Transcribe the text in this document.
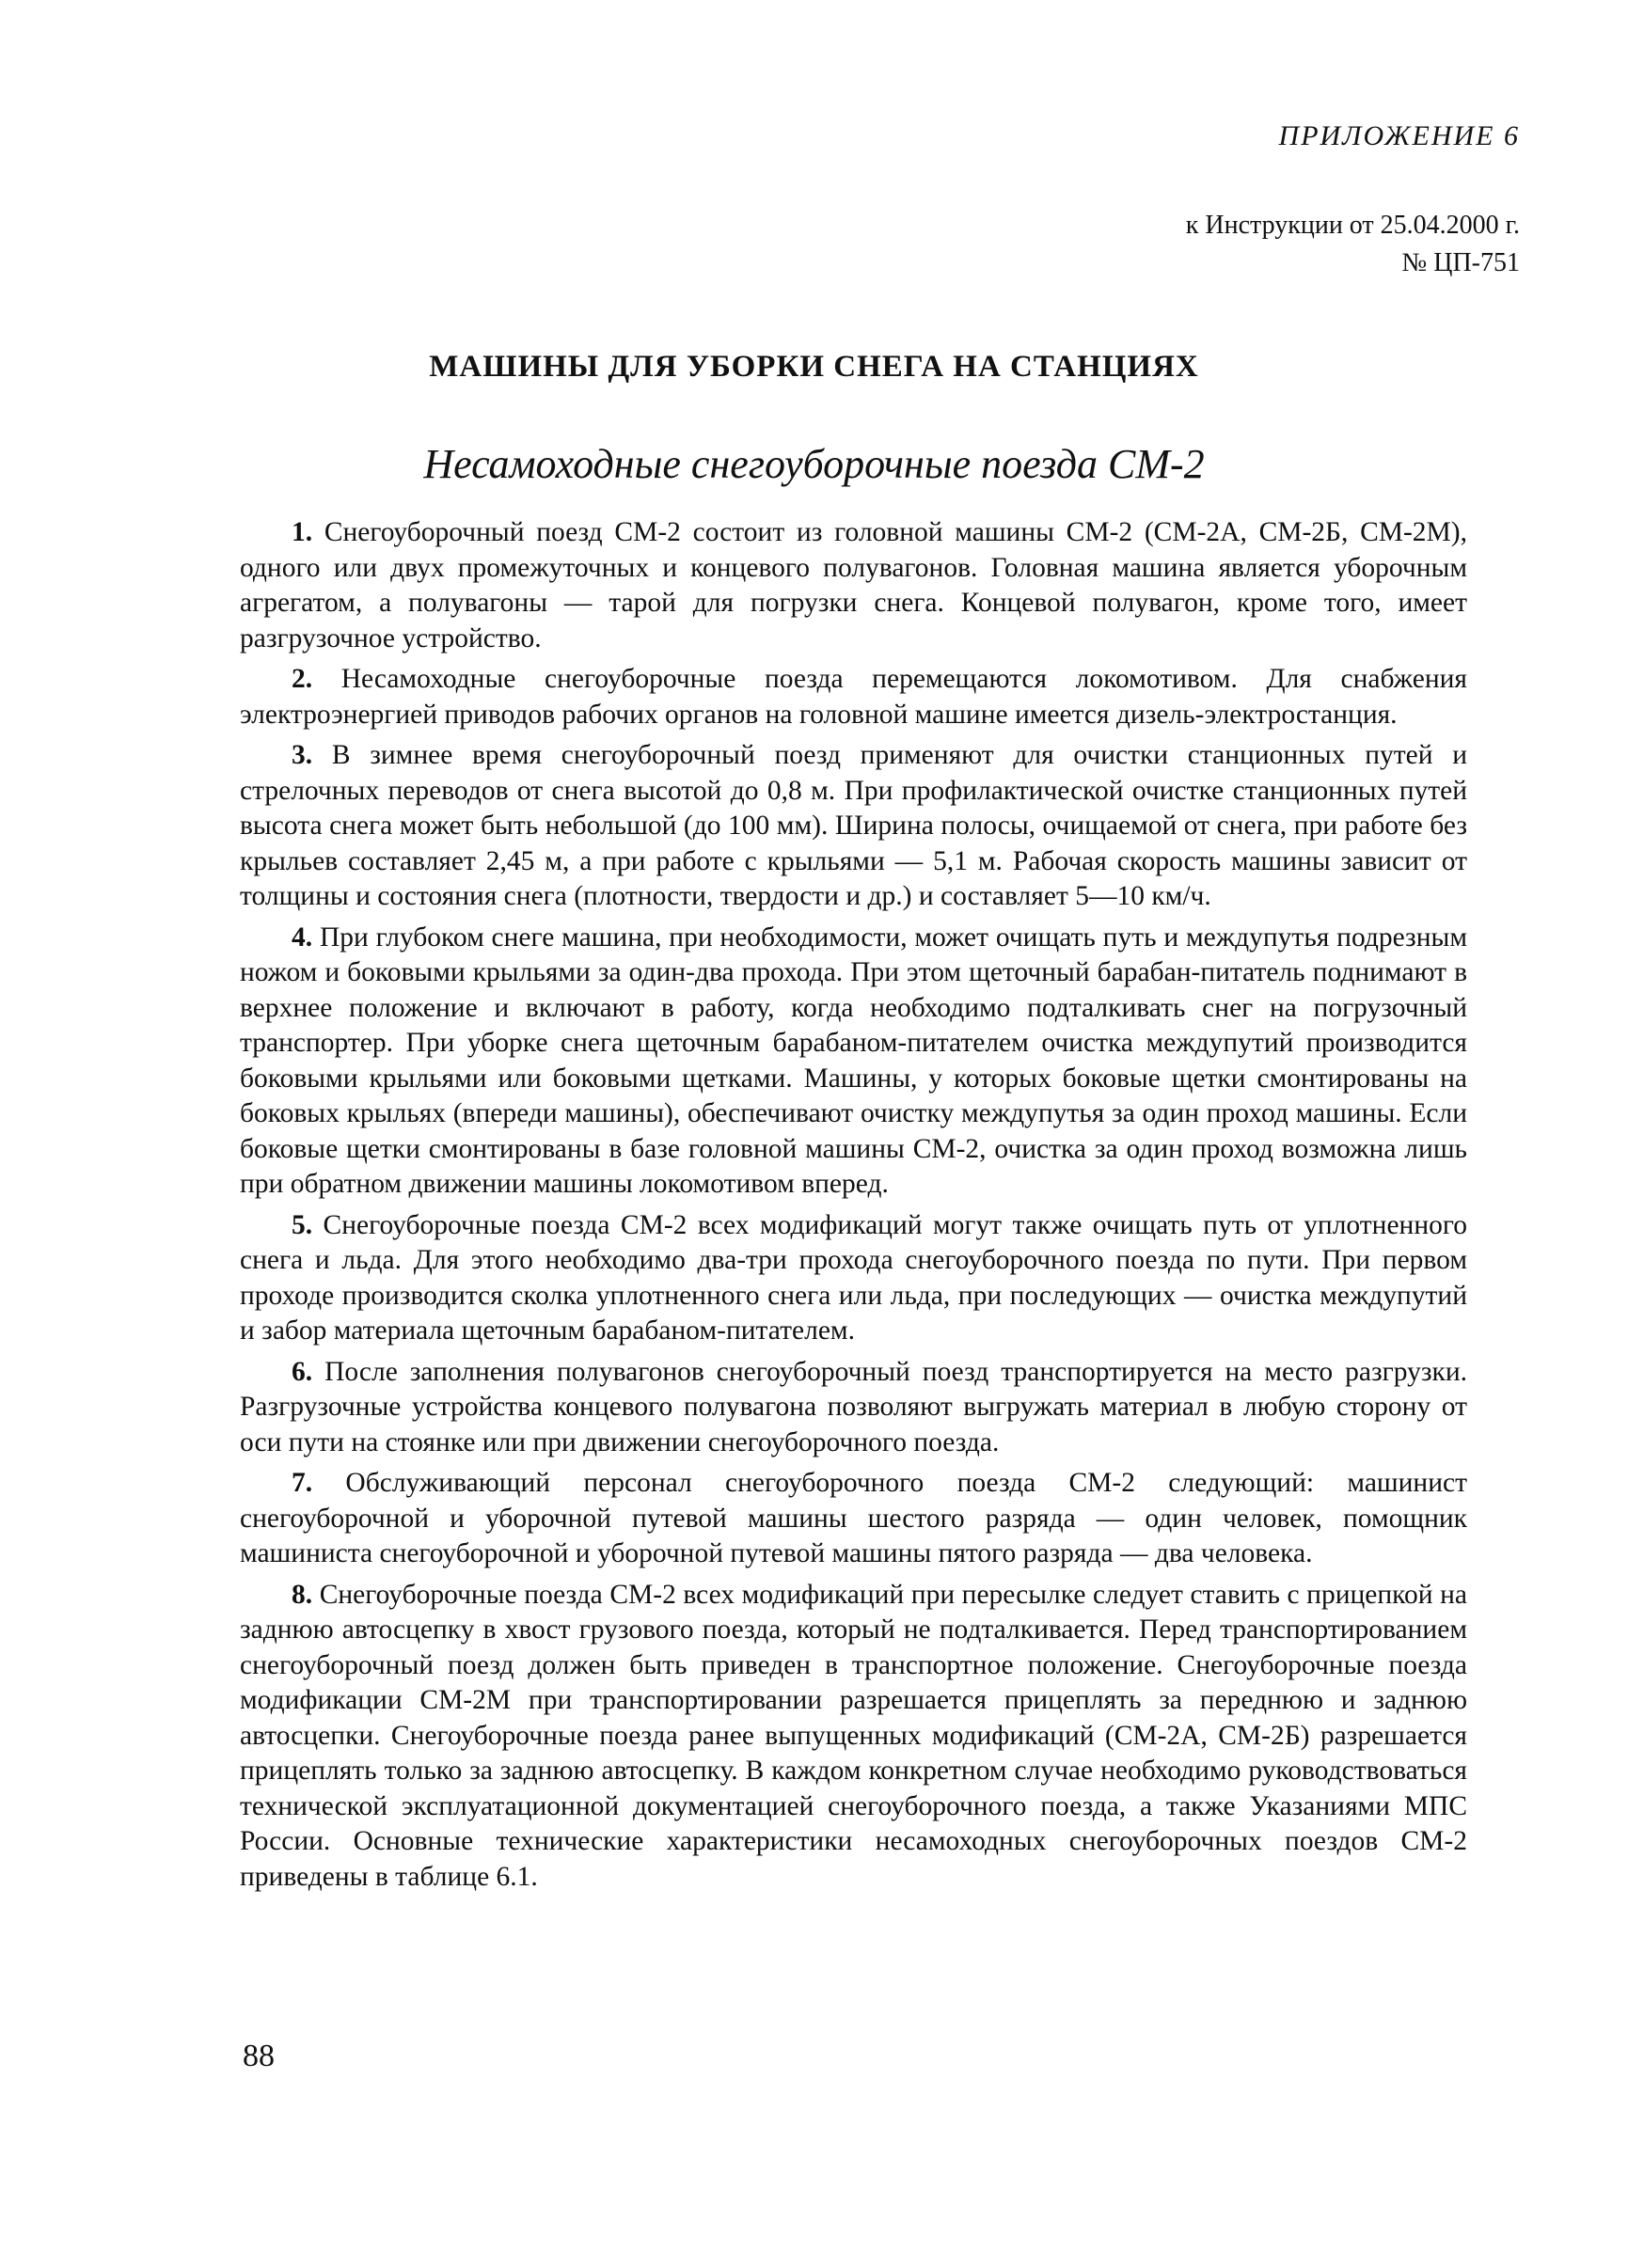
ПРИЛОЖЕНИЕ 6
к Инструкции от 25.04.2000 г.
№ ЦП-751
МАШИНЫ ДЛЯ УБОРКИ СНЕГА НА СТАНЦИЯХ
Несамоходные снегоуборочные поезда СМ-2

1. Снегоуборочный поезд СМ-2 состоит из головной машины СМ-2 (СМ-2А, СМ-2Б, СМ-2М), одного или двух промежуточных и концевого полувагонов. Головная машина является уборочным агрегатом, а полувагоны — тарой для погрузки снега. Концевой полувагон, кроме того, имеет разгрузочное устройство.

2. Несамоходные снегоуборочные поезда перемещаются локомотивом. Для снабжения электроэнергией приводов рабочих органов на головной машине имеется дизель-электростанция.

3. В зимнее время снегоуборочный поезд применяют для очистки станционных путей и стрелочных переводов от снега высотой до 0,8 м. При профилактической очистке станционных путей высота снега может быть небольшой (до 100 мм). Ширина полосы, очищаемой от снега, при работе без крыльев составляет 2,45 м, а при работе с крыльями — 5,1 м. Рабочая скорость машины зависит от толщины и состояния снега (плотности, твердости и др.) и составляет 5—10 км/ч.

4. При глубоком снеге машина, при необходимости, может очищать путь и междупутья подрезным ножом и боковыми крыльями за один-два прохода. При этом щеточный барабан-питатель поднимают в верхнее положение и включают в работу, когда необходимо подталкивать снег на погрузочный транспортер. При уборке снега щеточным барабаном-питателем очистка междупутий производится боковыми крыльями или боковыми щетками. Машины, у которых боковые щетки смонтированы на боковых крыльях (впереди машины), обеспечивают очистку междупутья за один проход машины. Если боковые щетки смонтированы в базе головной машины СМ-2, очистка за один проход возможна лишь при обратном движении машины локомотивом вперед.

5. Снегоуборочные поезда СМ-2 всех модификаций могут также очищать путь от уплотненного снега и льда. Для этого необходимо два-три прохода снегоуборочного поезда по пути. При первом проходе производится сколка уплотненного снега или льда, при последующих — очистка междупутий и забор материала щеточным барабаном-питателем.

6. После заполнения полувагонов снегоуборочный поезд транспортируется на место разгрузки. Разгрузочные устройства концевого полувагона позволяют выгружать материал в любую сторону от оси пути на стоянке или при движении снегоуборочного поезда.

7. Обслуживающий персонал снегоуборочного поезда СМ-2 следующий: машинист снегоуборочной и уборочной путевой машины шестого разряда — один человек, помощник машиниста снегоуборочной и уборочной путевой машины пятого разряда — два человека.

8. Снегоуборочные поезда СМ-2 всех модификаций при пересылке следует ставить с прицепкой на заднюю автосцепку в хвост грузового поезда, который не подталкивается. Перед транспортированием снегоуборочный поезд должен быть приведен в транспортное положение. Снегоуборочные поезда модификации СМ-2М при транспортировании разрешается прицеплять за переднюю и заднюю автосцепки. Снегоуборочные поезда ранее выпущенных модификаций (СМ-2А, СМ-2Б) разрешается прицеплять только за заднюю автосцепку. В каждом конкретном случае необходимо руководствоваться технической эксплуатационной документацией снегоуборочного поезда, а также Указаниями МПС России. Основные технические характеристики несамоходных снегоуборочных поездов СМ-2 приведены в таблице 6.1.

88
